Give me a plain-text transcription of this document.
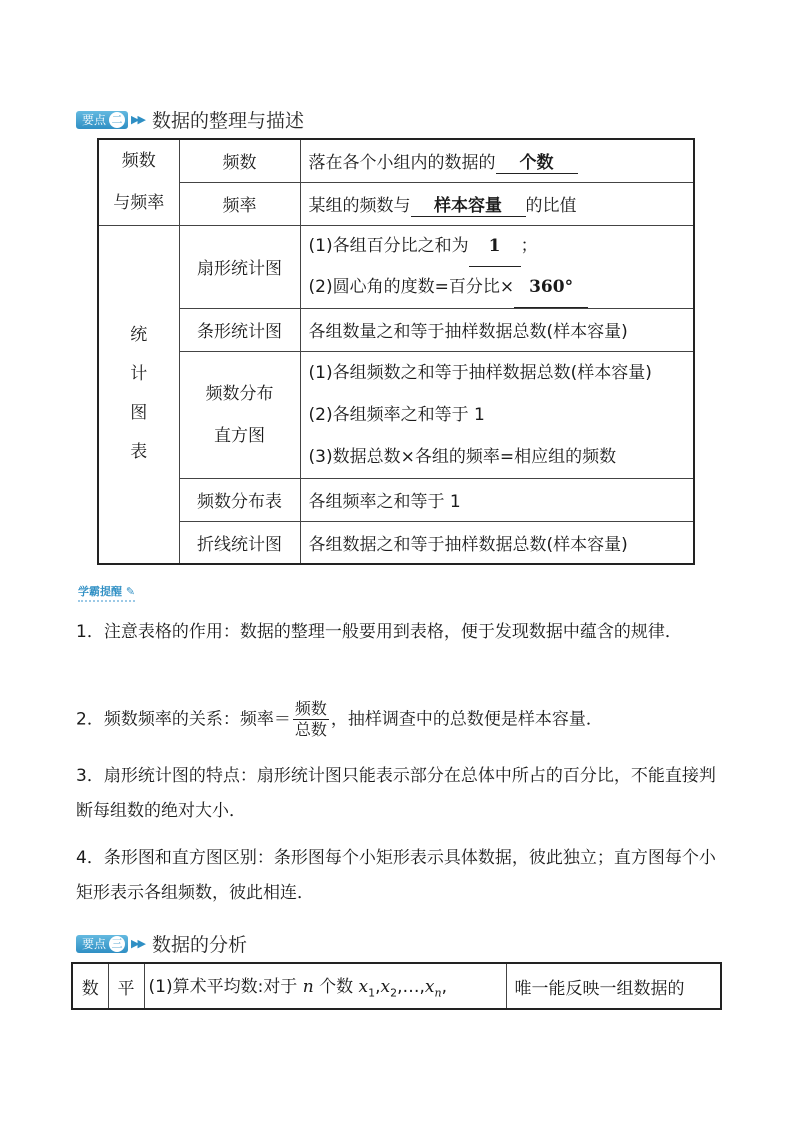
要点 二 ▶▶ 数据的整理与描述
频数
与频率	频数	落在各个小组内的数据的 个数
	频率	某组的频数与 样本容量 的比值

统
计
图
表	扇形统计图	(1)各组百分比之和为 1 ；
(2)圆心角的度数=百分比× 360°

	条形统计图	各组数量之和等于抽样数据总数(样本容量)

	频数分布
直方图	(1)各组频数之和等于抽样数据总数(样本容量)
(2)各组频率之和等于 1
(3)数据总数×各组的频率=相应组的频数

	频数分布表	各组频率之和等于 1
	折线统计图	各组数据之和等于抽样数据总数(样本容量)
学霸提醒 ✎
1．注意表格的作用：数据的整理一般要用到表格，便于发现数据中蕴含的规律．
2．频数频率的关系：频率＝ $\frac{\text{频数}}{\text{总数}}$ ，抽样调查中的总数便是样本容量．
3．扇形统计图的特点：扇形统计图只能表示部分在总体中所占的百分比，不能直接判断每组数的绝对大小．
4．条形图和直方图区别：条形图每个小矩形表示具体数据，彼此独立；直方图每个小矩形表示各组频数，彼此相连．
要点 三 ▶▶ 数据的分析
数	平	(1)算术平均数:对于 n 个数 $x_1,x_2,\dots,x_n$,	唯一能反映一组数据的
